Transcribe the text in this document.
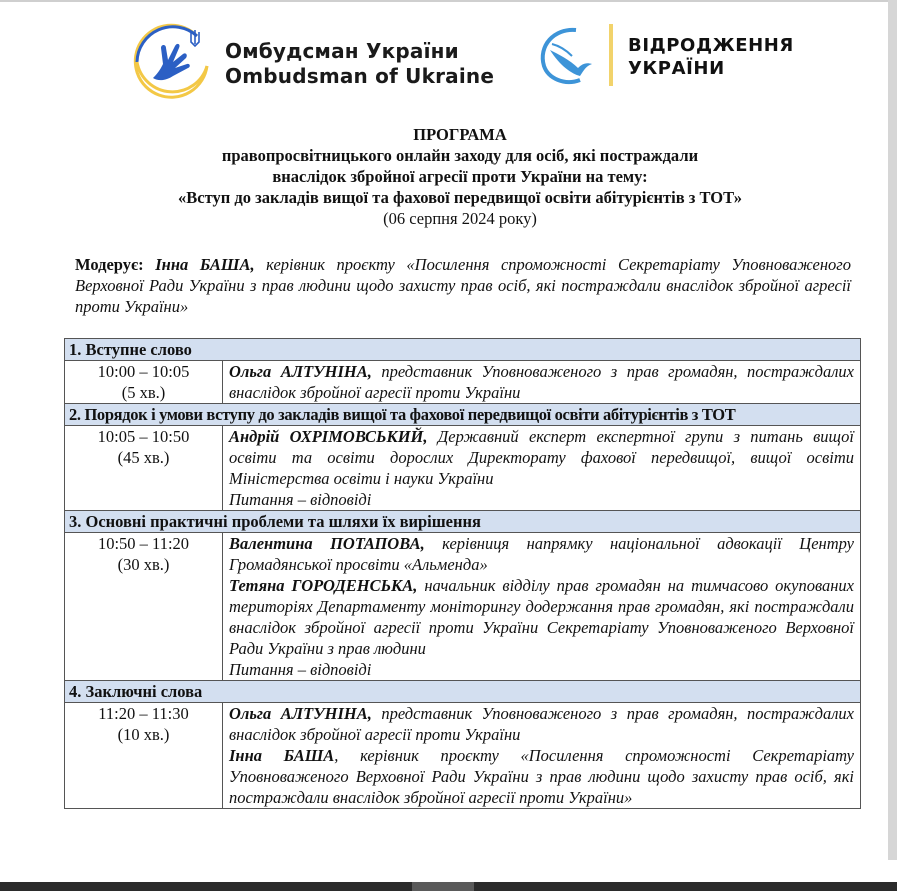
Омбудсман України
Ombudsman of Ukraine
ВІДРОДЖЕННЯ
УКРАЇНИ
ПРОГРАМА
правопросвітницького онлайн заходу для осіб, які постраждали
внаслідок збройної агресії проти України на тему:
«Вступ до закладів вищої та фахової передвищої освіти абітурієнтів з ТОТ»
(06 серпня 2024 року)
Модерує: Інна БАША, керівник проєкту «Посилення спроможності Секретаріату Уповноваженого Верховної Ради України з прав людини щодо захисту прав осіб, які постраждали внаслідок збройної агресії проти України»
1. Вступне слово	

10:00 – 10:05
(5 хв.)	Ольга АЛТУНІНА, представник Уповноваженого з прав громадян, постраждалих внаслідок збройної агресії проти України

2. Порядок і умови вступу до закладів вищої та фахової передвищої освіти абітурієнтів з ТОТ	

10:05 – 10:50
(45 хв.)	Андрій ОХРІМОВСЬКИЙ, Державний експерт експертної групи з питань вищої освіти та освіти дорослих Директорату фахової передвищої, вищої освіти Міністерства освіти і науки України
Питання – відповіді

3. Основні практичні проблеми та шляхи їх вирішення	

10:50 – 11:20
(30 хв.)	Валентина ПОТАПОВА, керівниця напрямку національної адвокації Центру Громадянської просвіти «Альменда»
Тетяна ГОРОДЕНСЬКА, начальник відділу прав громадян на тимчасово окупованих територіях Департаменту моніторингу додержання прав громадян, які постраждали внаслідок збройної агресії проти України Секретаріату Уповноваженого Верховної Ради України з прав людини
Питання – відповіді

4. Заключні слова	

11:20 – 11:30
(10 хв.)	Ольга АЛТУНІНА, представник Уповноваженого з прав громадян, постраждалих внаслідок збройної агресії проти України
Інна БАША, керівник проєкту «Посилення спроможності Секретаріату Уповноваженого Верховної Ради України з прав людини щодо захисту прав осіб, які постраждали внаслідок збройної агресії проти України»
